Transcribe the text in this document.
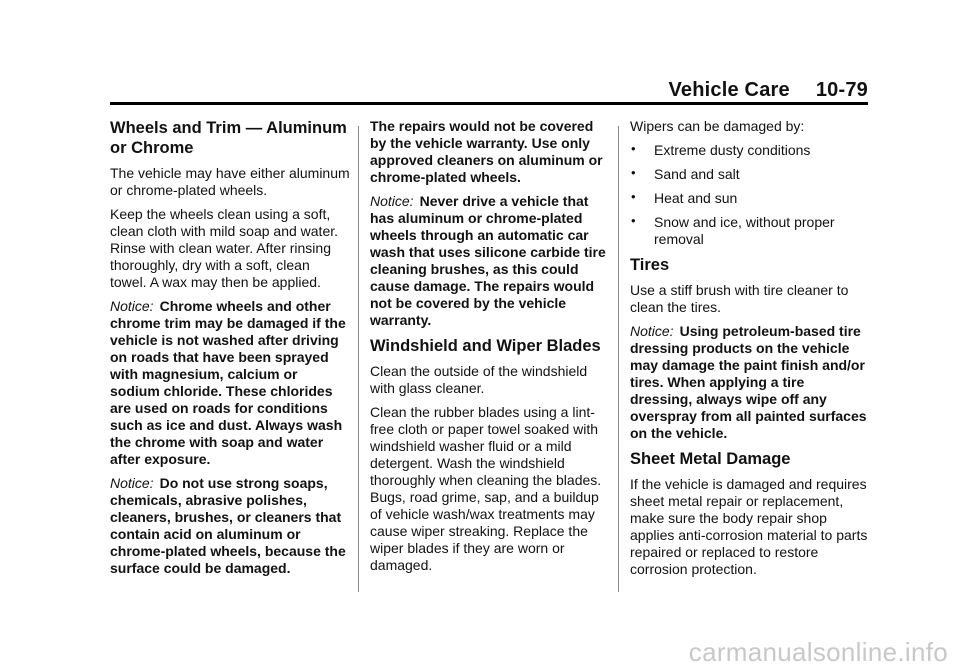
Vehicle Care 10-79
Wheels and Trim — Aluminum or Chrome

The vehicle may have either aluminum or chrome-plated wheels.

Keep the wheels clean using a soft, clean cloth with mild soap and water. Rinse with clean water. After rinsing thoroughly, dry with a soft, clean towel. A wax may then be applied.

Notice: Chrome wheels and other chrome trim may be damaged if the vehicle is not washed after driving on roads that have been sprayed with magnesium, calcium or sodium chloride. These chlorides are used on roads for conditions such as ice and dust. Always wash the chrome with soap and water after exposure.

Notice: Do not use strong soaps, chemicals, abrasive polishes, cleaners, brushes, or cleaners that contain acid on aluminum or chrome-plated wheels, because the surface could be damaged.

The repairs would not be covered by the vehicle warranty. Use only approved cleaners on aluminum or chrome-plated wheels.

Notice: Never drive a vehicle that has aluminum or chrome-plated wheels through an automatic car wash that uses silicone carbide tire cleaning brushes, as this could cause damage. The repairs would not be covered by the vehicle warranty.

Windshield and Wiper Blades

Clean the outside of the windshield with glass cleaner.

Clean the rubber blades using a lint-free cloth or paper towel soaked with windshield washer fluid or a mild detergent. Wash the windshield thoroughly when cleaning the blades. Bugs, road grime, sap, and a buildup of vehicle wash/wax treatments may cause wiper streaking. Replace the wiper blades if they are worn or damaged.

Wipers can be damaged by:

• Extreme dusty conditions
• Sand and salt
• Heat and sun
• Snow and ice, without proper removal
Tires

Use a stiff brush with tire cleaner to clean the tires.

Notice: Using petroleum-based tire dressing products on the vehicle may damage the paint finish and/or tires. When applying a tire dressing, always wipe off any overspray from all painted surfaces on the vehicle.

Sheet Metal Damage

If the vehicle is damaged and requires sheet metal repair or replacement, make sure the body repair shop applies anti-corrosion material to parts repaired or replaced to restore corrosion protection.

carmanualsonline.info
